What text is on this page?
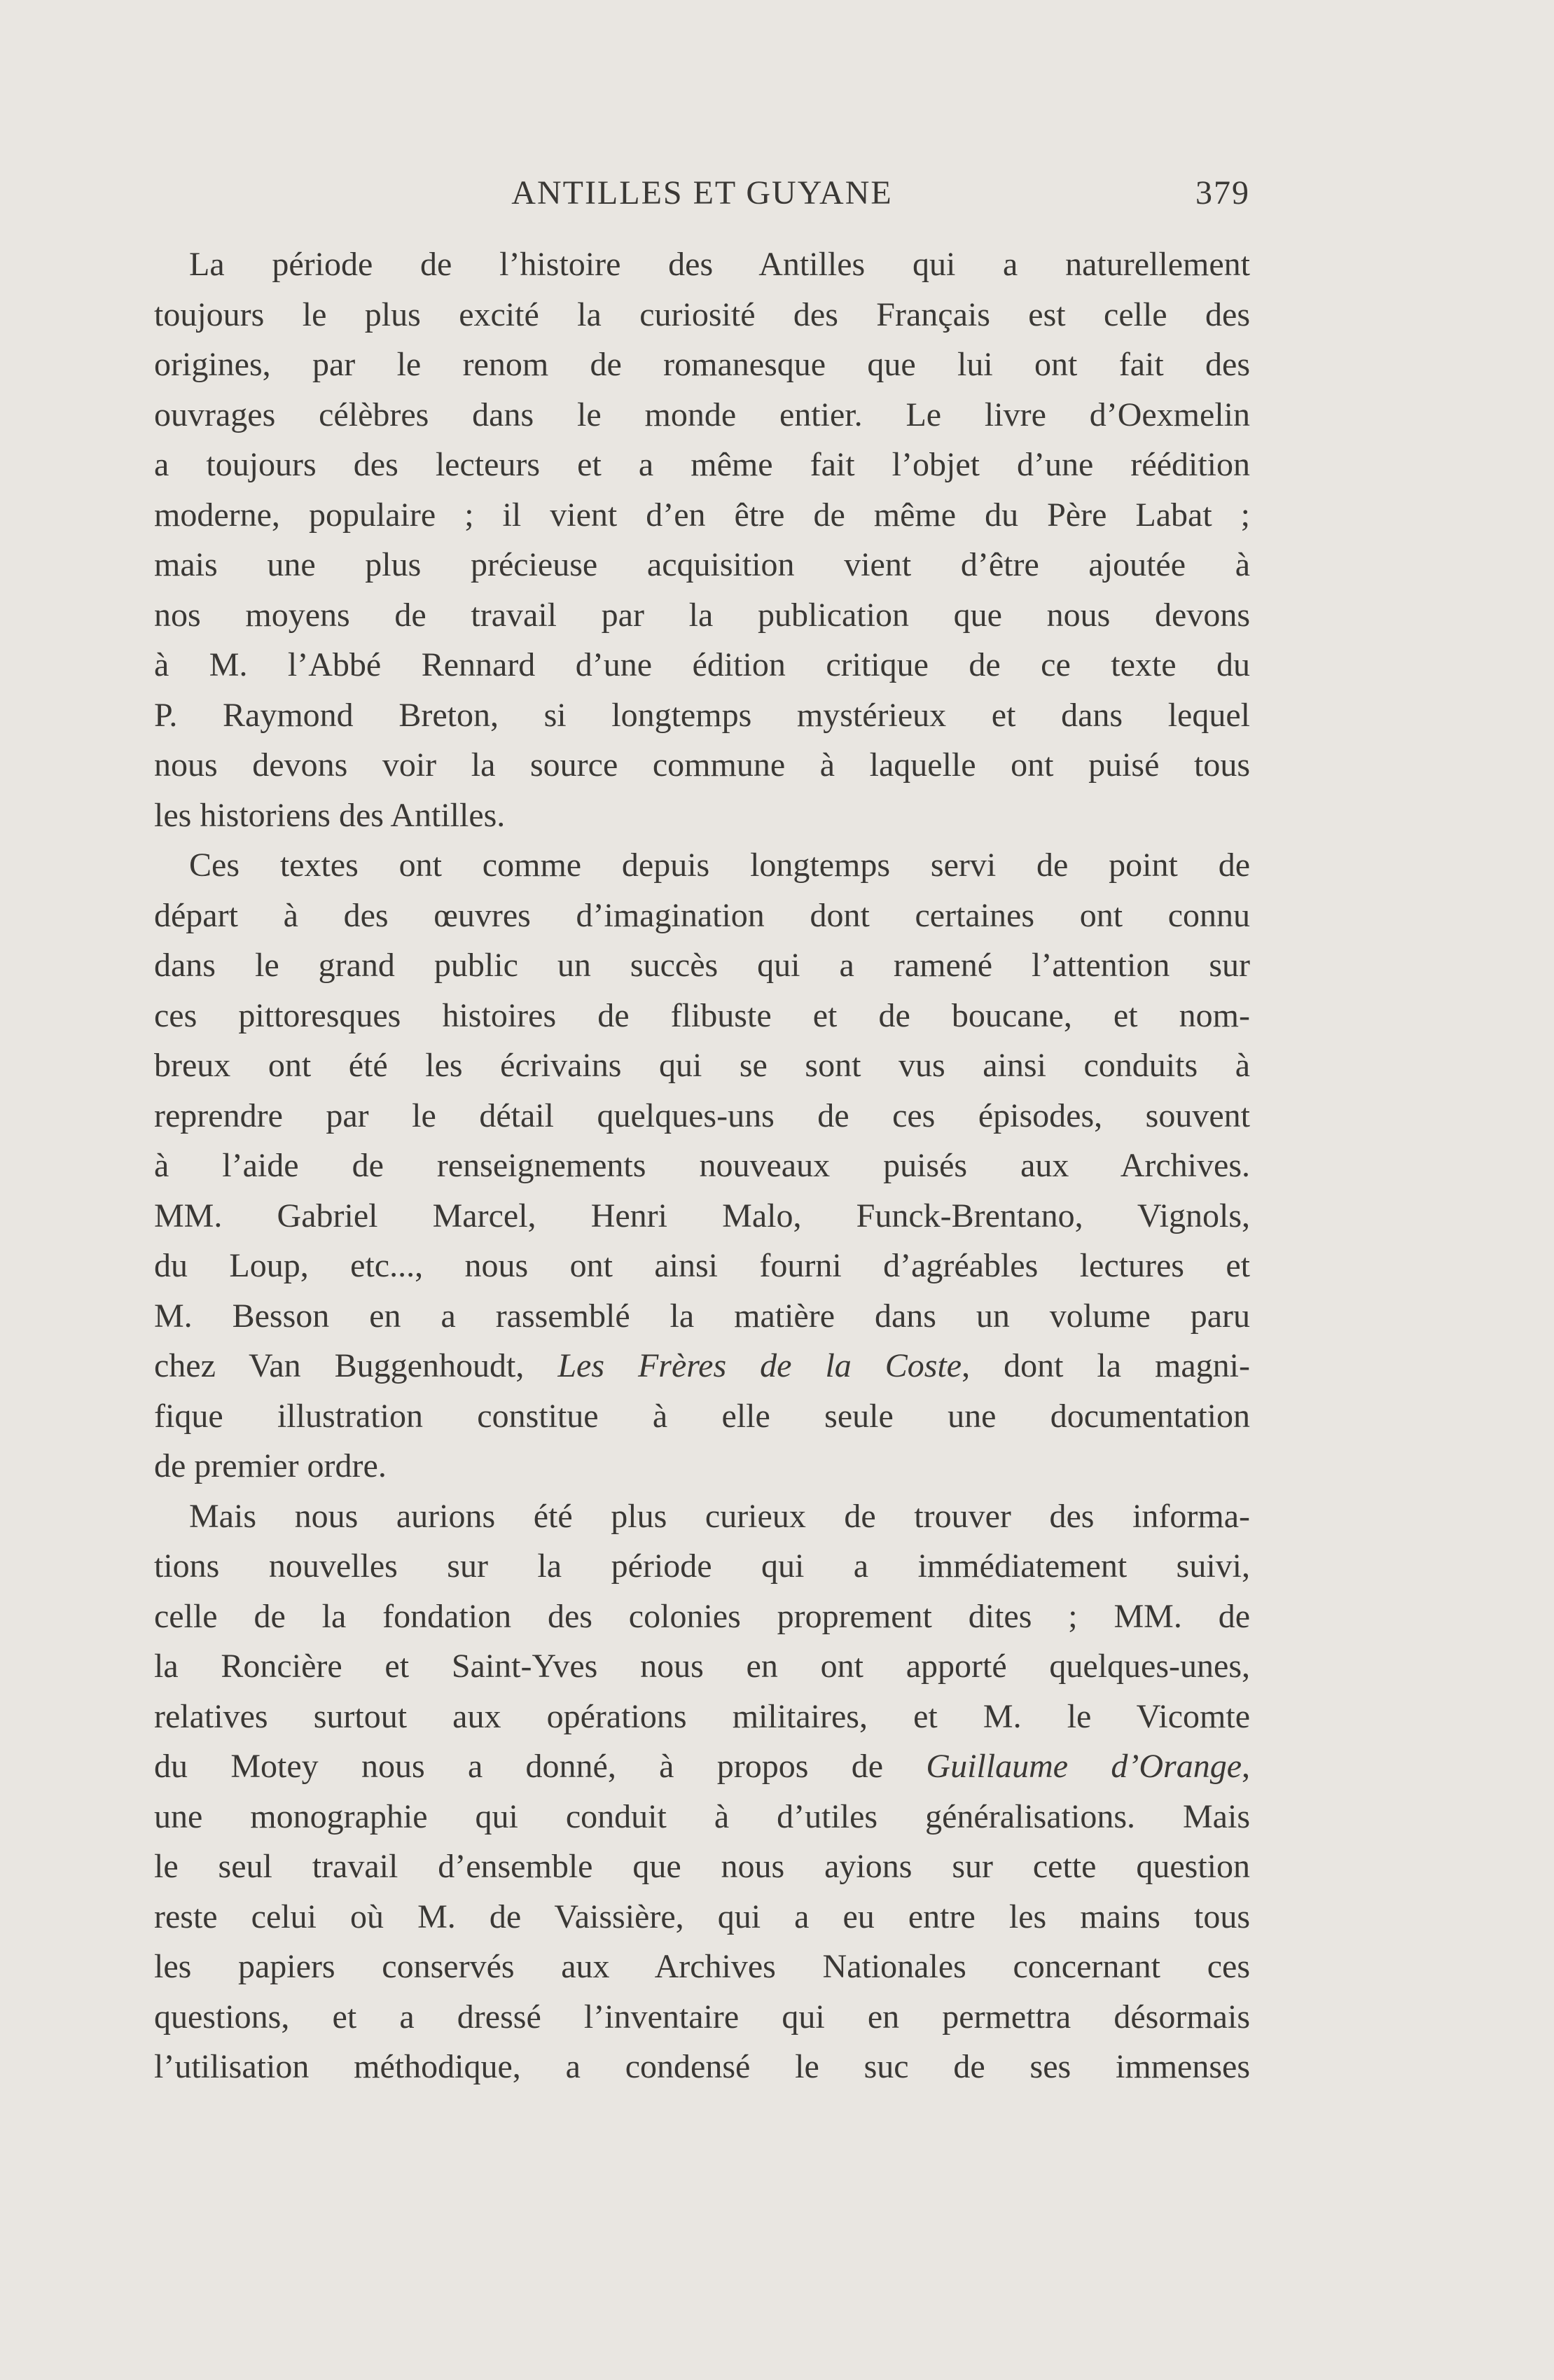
ANTILLES ET GUYANE	379
La période de l’histoire des Antilles qui a naturellement
toujours le plus excité la curiosité des Français est celle des
origines, par le renom de romanesque que lui ont fait des
ouvrages célèbres dans le monde entier. Le livre d’Oexmelin
a toujours des lecteurs et a même fait l’objet d’une réédition
moderne, populaire ; il vient d’en être de même du Père Labat ;
mais une plus précieuse acquisition vient d’être ajoutée à
nos moyens de travail par la publication que nous devons
à M. l’Abbé Rennard d’une édition critique de ce texte du
P. Raymond Breton, si longtemps mystérieux et dans lequel
nous devons voir la source commune à laquelle ont puisé tous
les historiens des Antilles.
Ces textes ont comme depuis longtemps servi de point de
départ à des œuvres d’imagination dont certaines ont connu
dans le grand public un succès qui a ramené l’attention sur
ces pittoresques histoires de flibuste et de boucane, et nom-
breux ont été les écrivains qui se sont vus ainsi conduits à
reprendre par le détail quelques-uns de ces épisodes, souvent
à l’aide de renseignements nouveaux puisés aux Archives.
MM. Gabriel Marcel, Henri Malo, Funck-Brentano, Vignols,
du Loup, etc..., nous ont ainsi fourni d’agréables lectures et
M. Besson en a rassemblé la matière dans un volume paru
chez Van Buggenhoudt, Les Frères de la Coste, dont la magni-
fique illustration constitue à elle seule une documentation
de premier ordre.
Mais nous aurions été plus curieux de trouver des informa-
tions nouvelles sur la période qui a immédiatement suivi,
celle de la fondation des colonies proprement dites ; MM. de
la Roncière et Saint-Yves nous en ont apporté quelques-unes,
relatives surtout aux opérations militaires, et M. le Vicomte
du Motey nous a donné, à propos de Guillaume d’Orange,
une monographie qui conduit à d’utiles généralisations. Mais
le seul travail d’ensemble que nous ayions sur cette question
reste celui où M. de Vaissière, qui a eu entre les mains tous
les papiers conservés aux Archives Nationales concernant ces
questions, et a dressé l’inventaire qui en permettra désormais
l’utilisation méthodique, a condensé le suc de ses immenses
